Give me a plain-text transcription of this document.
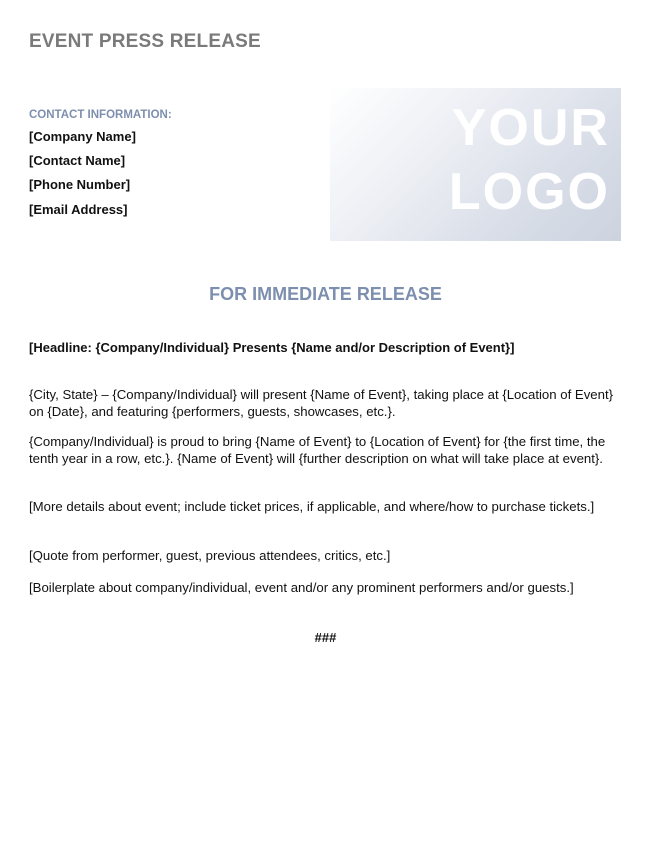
EVENT PRESS RELEASE
CONTACT INFORMATION:
[Company Name]
[Contact Name]
[Phone Number]
[Email Address]
YOUR
LOGO
FOR IMMEDIATE RELEASE
[Headline: {Company/Individual} Presents {Name and/or Description of Event}]

{City, State} – {Company/Individual} will present {Name of Event}, taking place at {Location of Event} on {Date}, and featuring {performers, guests, showcases, etc.}.

{Company/Individual} is proud to bring {Name of Event} to {Location of Event} for {the first time, the tenth year in a row, etc.}. {Name of Event} will {further description on what will take place at event}.

[More details about event; include ticket prices, if applicable, and where/how to purchase tickets.]

[Quote from performer, guest, previous attendees, critics, etc.]

[Boilerplate about company/individual, event and/or any prominent performers and/or guests.]

###
